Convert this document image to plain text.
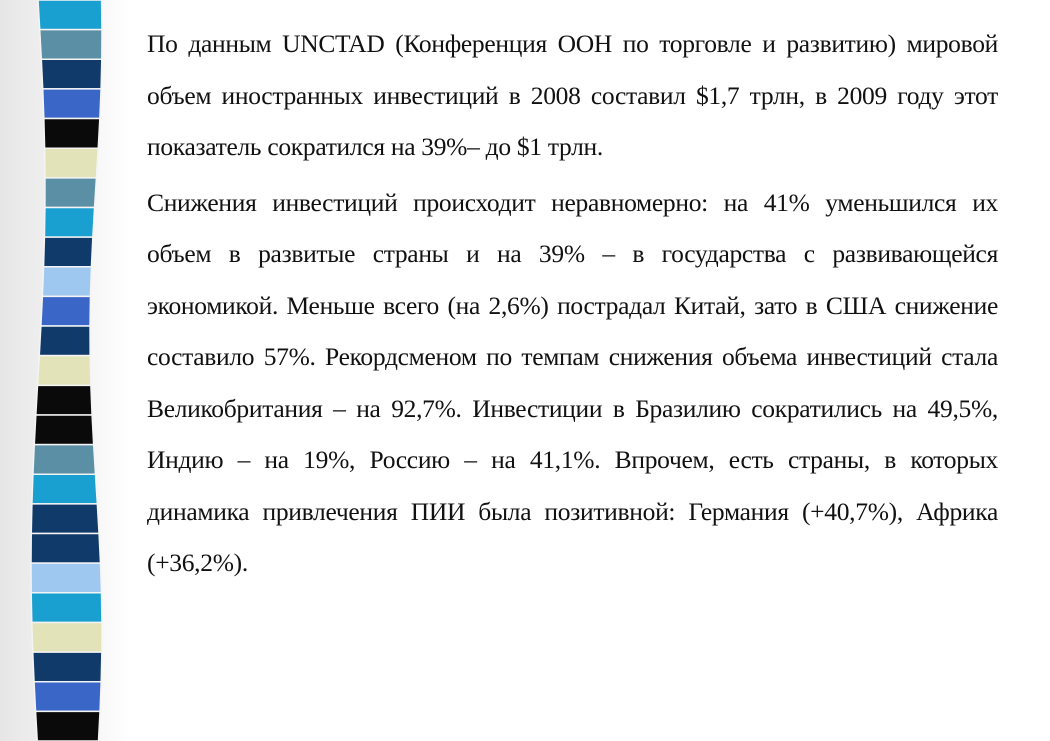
По данным UNCTAD (Конференция ООН по торговле и развитию) мировой объем иностранных инвестиций в 2008 составил $1,7 трлн, в 2009 году этот показатель сократился на 39%– до $1 трлн.

Снижения инвестиций происходит неравномерно: на 41% уменьшился их объем в развитые страны и на 39% – в государства с развивающейся экономикой. Меньше всего (на 2,6%) пострадал Китай, зато в США снижение составило 57%. Рекордсменом по темпам снижения объема инвестиций стала Великобритания – на 92,7%. Инвестиции в Бразилию сократились на 49,5%, Индию – на 19%, Россию – на 41,1%. Впрочем, есть страны, в которых динамика привлечения ПИИ была позитивной: Германия (+40,7%), Африка (+36,2%).
